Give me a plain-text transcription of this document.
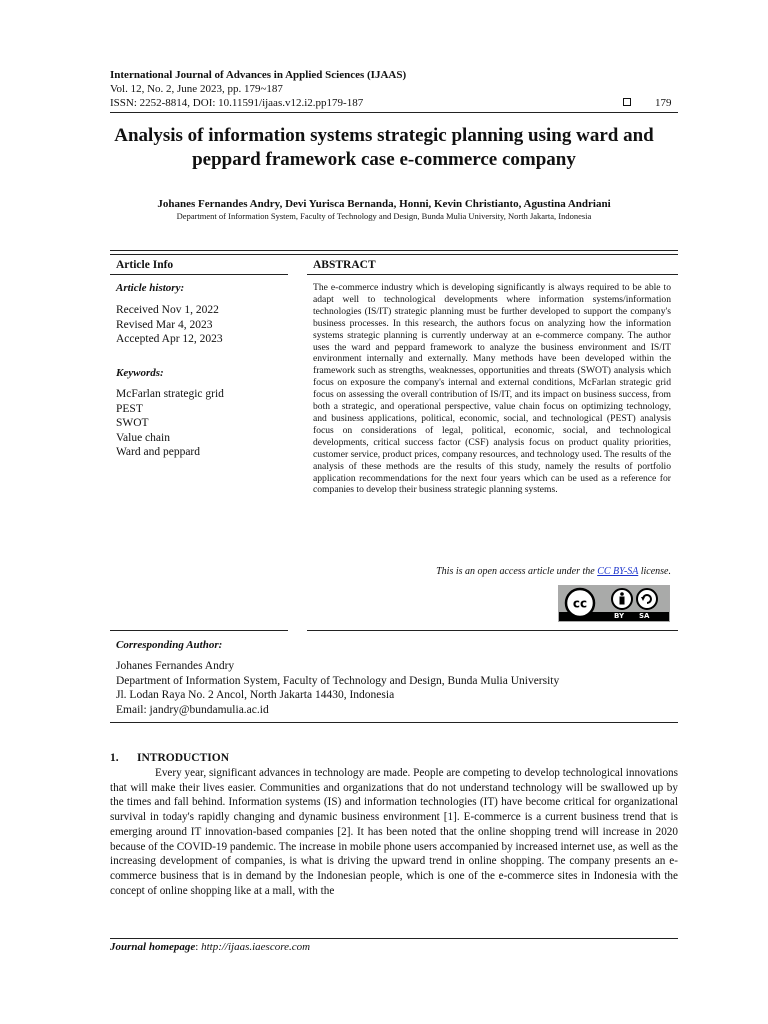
International Journal of Advances in Applied Sciences (IJAAS)
Vol. 12, No. 2, June 2023, pp. 179~187
ISSN: 2252-8814, DOI: 10.11591/ijaas.v12.i2.pp179-187	179
Analysis of information systems strategic planning using ward and peppard framework case e-commerce company
Johanes Fernandes Andry, Devi Yurisca Bernanda, Honni, Kevin Christianto, Agustina Andriani
Department of Information System, Faculty of Technology and Design, Bunda Mulia University, North Jakarta, Indonesia
Article Info
Article history:
Received Nov 1, 2022
Revised Mar 4, 2023
Accepted Apr 12, 2023
Keywords:
McFarlan strategic grid
PEST
SWOT
Value chain
Ward and peppard
ABSTRACT
The e-commerce industry which is developing significantly is always required to be able to adapt well to technological developments where information systems/information technologies (IS/IT) strategic planning must be further developed to support the company's business processes. In this research, the authors focus on analyzing how the information systems strategic planning is currently underway at an e-commerce company. The author uses the ward and peppard framework to analyze the business environment and IS/IT environment internally and externally. Many methods have been developed within the framework such as strengths, weaknesses, opportunities and threats (SWOT) analysis which focus on exposure the company's internal and external conditions, McFarlan strategic grid focus on assessing the overall contribution of IS/IT, and its impact on business success, from both a strategic, and operational perspective, value chain focus on optimizing technology, and business applications, political, economic, social, and technological (PEST) analysis focus on considerations of legal, political, economic, social, and technological developments, critical success factor (CSF) analysis focus on product quality priorities, customer service, product prices, company resources, and technology used. The results of the analysis of these methods are the results of this study, namely the results of portfolio application recommendations for the next four years which can be used as a reference for companies to develop their business strategic planning systems.
This is an open access article under the CC BY-SA license.
cc
BY SA
Corresponding Author:
Johanes Fernandes Andry
Department of Information System, Faculty of Technology and Design, Bunda Mulia University
Jl. Lodan Raya No. 2 Ancol, North Jakarta 14430, Indonesia
Email: jandry@bundamulia.ac.id
1. INTRODUCTION
Every year, significant advances in technology are made. People are competing to develop technological innovations that will make their lives easier. Communities and organizations that do not understand technology will be swallowed up by the times and fall behind. Information systems (IS) and information technologies (IT) have become critical for organizational survival in today's rapidly changing and dynamic business environment [1]. E-commerce is a current business trend that is emerging around IT innovation-based companies [2]. It has been noted that the online shopping trend will increase in 2020 because of the COVID-19 pandemic. The increase in mobile phone users accompanied by increased internet use, as well as the increasing development of companies, is what is driving the upward trend in online shopping. The company presents an e-commerce business that is in demand by the Indonesian people, which is one of the e-commerce sites in Indonesia with the concept of online shopping like at a mall, with the
Journal homepage: http://ijaas.iaescore.com
